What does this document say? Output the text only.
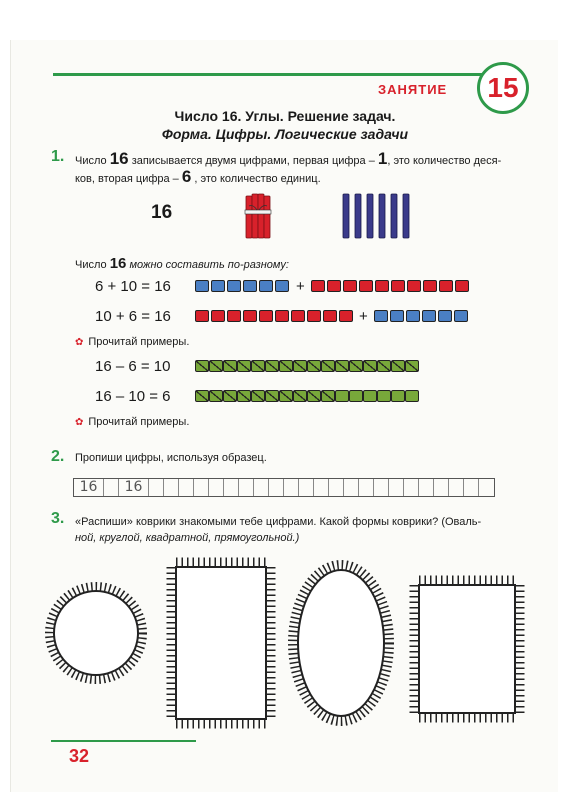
ЗАНЯТИЕ	15
Число 16. Углы. Решение задач.
Форма. Цифры. Логические задачи
1. Число 16 записывается двумя цифрами, первая цифра – 1, это количество деся-
ков, вторая цифра – 6 , это количество единиц.
16
Число 16 можно составить по-разному:
6 + 10 = 16	+
10 + 6 = 16	+
✿ Прочитай примеры.
16 – 6 = 10
16 – 10 = 6
✿ Прочитай примеры.
2. Пропиши цифры, используя образец.
16	16
3. «Распиши» коврики знакомыми тебе цифрами. Какой формы коврики? (Оваль-
ной, круглой, квадратной, прямоугольной.)
32
